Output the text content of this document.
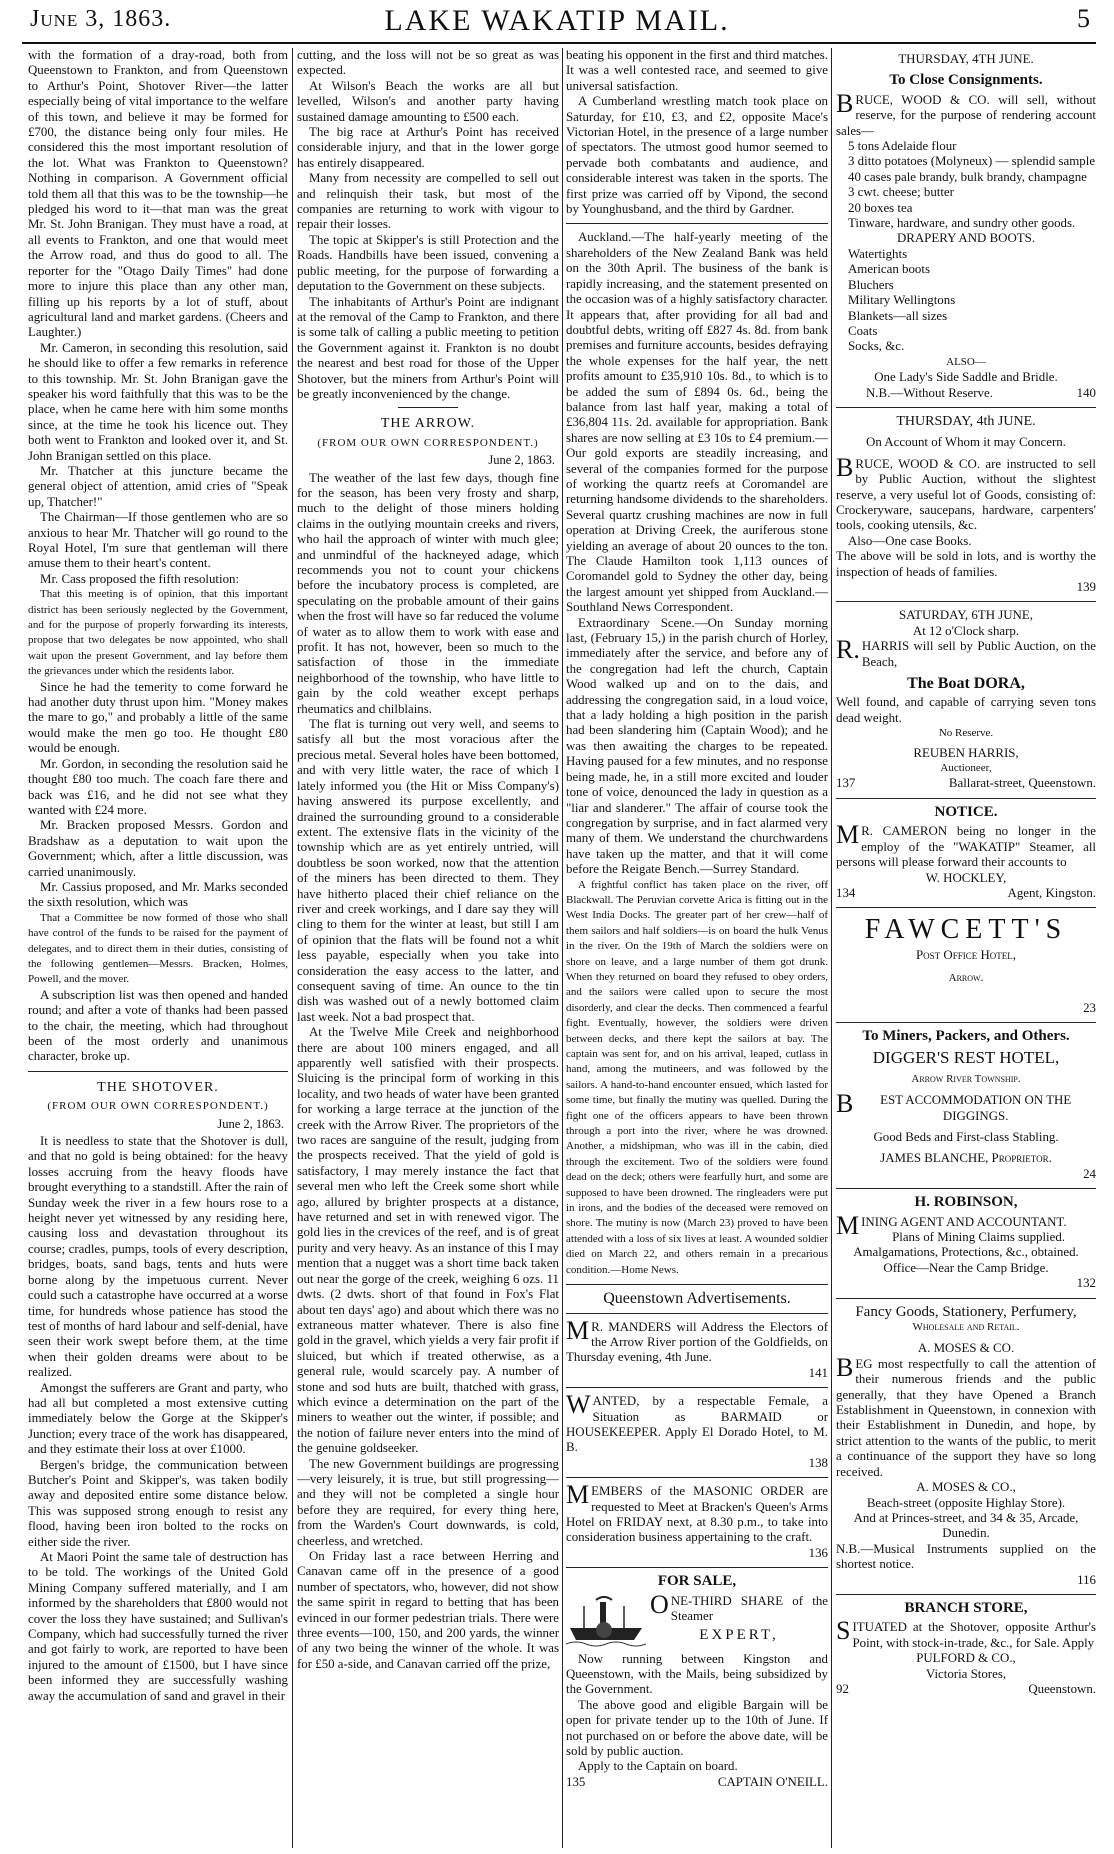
June 3, 1863.	LAKE WAKATIP MAIL.	5

with the formation of a dray-road, both from Queenstown to Frankton, and from Queenstown to Arthur's Point, Shotover River—the latter especially being of vital importance to the welfare of this town, and believe it may be formed for £700, the distance being only four miles. He considered this the most important resolution of the lot. What was Frankton to Queenstown? Nothing in comparison. A Government official told them all that this was to be the township—he pledged his word to it—that man was the great Mr. St. John Branigan. They must have a road, at all events to Frankton, and one that would meet the Arrow road, and thus do good to all. The reporter for the "Otago Daily Times" had done more to injure this place than any other man, filling up his reports by a lot of stuff, about agricultural land and market gardens. (Cheers and Laughter.)

Mr. Cameron, in seconding this resolution, said he should like to offer a few remarks in reference to this township. Mr. St. John Branigan gave the speaker his word faithfully that this was to be the place, when he came here with him some months since, at the time he took his licence out. They both went to Frankton and looked over it, and St. John Branigan settled on this place.

Mr. Thatcher at this juncture became the general object of attention, amid cries of "Speak up, Thatcher!"

The Chairman—If those gentlemen who are so anxious to hear Mr. Thatcher will go round to the Royal Hotel, I'm sure that gentleman will there amuse them to their heart's content.

Mr. Cass proposed the fifth resolution:

That this meeting is of opinion, that this important district has been seriously neglected by the Government, and for the purpose of properly forwarding its interests, propose that two delegates be now appointed, who shall wait upon the present Government, and lay before them the grievances under which the residents labor.

Since he had the temerity to come forward he had another duty thrust upon him. "Money makes the mare to go," and probably a little of the same would make the men go too. He thought £80 would be enough.

Mr. Gordon, in seconding the resolution said he thought £80 too much. The coach fare there and back was £16, and he did not see what they wanted with £24 more.

Mr. Bracken proposed Messrs. Gordon and Bradshaw as a deputation to wait upon the Government; which, after a little discussion, was carried unanimously.

Mr. Cassius proposed, and Mr. Marks seconded the sixth resolution, which was

That a Committee be now formed of those who shall have control of the funds to be raised for the payment of delegates, and to direct them in their duties, consisting of the following gentlemen—Messrs. Bracken, Holmes, Powell, and the mover.

A subscription list was then opened and handed round; and after a vote of thanks had been passed to the chair, the meeting, which had throughout been of the most orderly and unanimous character, broke up.

THE SHOTOVER.
(FROM OUR OWN CORRESPONDENT.)
June 2, 1863.

It is needless to state that the Shotover is dull, and that no gold is being obtained: for the heavy losses accruing from the heavy floods have brought everything to a standstill. After the rain of Sunday week the river in a few hours rose to a height never yet witnessed by any residing here, causing loss and devastation throughout its course; cradles, pumps, tools of every description, bridges, boats, sand bags, tents and huts were borne along by the impetuous current. Never could such a catastrophe have occurred at a worse time, for hundreds whose patience has stood the test of months of hard labour and self-denial, have seen their work swept before them, at the time when their golden dreams were about to be realized.

Amongst the sufferers are Grant and party, who had all but completed a most extensive cutting immediately below the Gorge at the Skipper's Junction; every trace of the work has disappeared, and they estimate their loss at over £1000.

Bergen's bridge, the communication between Butcher's Point and Skipper's, was taken bodily away and deposited entire some distance below. This was supposed strong enough to resist any flood, having been iron bolted to the rocks on either side the river.

At Maori Point the same tale of destruction has to be told. The workings of the United Gold Mining Company suffered materially, and I am informed by the shareholders that £800 would not cover the loss they have sustained; and Sullivan's Company, which had successfully turned the river and got fairly to work, are reported to have been injured to the amount of £1500, but I have since been informed they are successfully washing away the accumulation of sand and gravel in their

cutting, and the loss will not be so great as was expected.

At Wilson's Beach the works are all but levelled, Wilson's and another party having sustained damage amounting to £500 each.

The big race at Arthur's Point has received considerable injury, and that in the lower gorge has entirely disappeared.

Many from necessity are compelled to sell out and relinquish their task, but most of the companies are returning to work with vigour to repair their losses.

The topic at Skipper's is still Protection and the Roads. Handbills have been issued, convening a public meeting, for the purpose of forwarding a deputation to the Government on these subjects.

The inhabitants of Arthur's Point are indignant at the removal of the Camp to Frankton, and there is some talk of calling a public meeting to petition the Government against it. Frankton is no doubt the nearest and best road for those of the Upper Shotover, but the miners from Arthur's Point will be greatly inconvenienced by the change.

THE ARROW.
(FROM OUR OWN CORRESPONDENT.)
June 2, 1863.

The weather of the last few days, though fine for the season, has been very frosty and sharp, much to the delight of those miners holding claims in the outlying mountain creeks and rivers, who hail the approach of winter with much glee; and unmindful of the hackneyed adage, which recommends you not to count your chickens before the incubatory process is completed, are speculating on the probable amount of their gains when the frost will have so far reduced the volume of water as to allow them to work with ease and profit. It has not, however, been so much to the satisfaction of those in the immediate neighborhood of the township, who have little to gain by the cold weather except perhaps rheumatics and chilblains.

The flat is turning out very well, and seems to satisfy all but the most voracious after the precious metal. Several holes have been bottomed, and with very little water, the race of which I lately informed you (the Hit or Miss Company's) having answered its purpose excellently, and drained the surrounding ground to a considerable extent. The extensive flats in the vicinity of the township which are as yet entirely untried, will doubtless be soon worked, now that the attention of the miners has been directed to them. They have hitherto placed their chief reliance on the river and creek workings, and I dare say they will cling to them for the winter at least, but still I am of opinion that the flats will be found not a whit less payable, especially when you take into consideration the easy access to the latter, and consequent saving of time. An ounce to the tin dish was washed out of a newly bottomed claim last week. Not a bad prospect that.

At the Twelve Mile Creek and neighborhood there are about 100 miners engaged, and all apparently well satisfied with their prospects. Sluicing is the principal form of working in this locality, and two heads of water have been granted for working a large terrace at the junction of the creek with the Arrow River. The proprietors of the two races are sanguine of the result, judging from the prospects received. That the yield of gold is satisfactory, I may merely instance the fact that several men who left the Creek some short while ago, allured by brighter prospects at a distance, have returned and set in with renewed vigor. The gold lies in the crevices of the reef, and is of great purity and very heavy. As an instance of this I may mention that a nugget was a short time back taken out near the gorge of the creek, weighing 6 ozs. 11 dwts. (2 dwts. short of that found in Fox's Flat about ten days' ago) and about which there was no extraneous matter whatever. There is also fine gold in the gravel, which yields a very fair profit if sluiced, but which if treated otherwise, as a general rule, would scarcely pay. A number of stone and sod huts are built, thatched with grass, which evince a determination on the part of the miners to weather out the winter, if possible; and the notion of failure never enters into the mind of the genuine goldseeker.

The new Government buildings are progressing—very leisurely, it is true, but still progressing—and they will not be completed a single hour before they are required, for every thing here, from the Warden's Court downwards, is cold, cheerless, and wretched.

On Friday last a race between Herring and Canavan came off in the presence of a good number of spectators, who, however, did not show the same spirit in regard to betting that has been evinced in our former pedestrian trials. There were three events—100, 150, and 200 yards, the winner of any two being the winner of the whole. It was for £50 a-side, and Canavan carried off the prize,

beating his opponent in the first and third matches. It was a well contested race, and seemed to give universal satisfaction.

A Cumberland wrestling match took place on Saturday, for £10, £3, and £2, opposite Mace's Victorian Hotel, in the presence of a large number of spectators. The utmost good humor seemed to pervade both combatants and audience, and considerable interest was taken in the sports. The first prize was carried off by Vipond, the second by Younghusband, and the third by Gardner.

Auckland.—The half-yearly meeting of the shareholders of the New Zealand Bank was held on the 30th April. The business of the bank is rapidly increasing, and the statement presented on the occasion was of a highly satisfactory character. It appears that, after providing for all bad and doubtful debts, writing off £827 4s. 8d. from bank premises and furniture accounts, besides defraying the whole expenses for the half year, the nett profits amount to £35,910 10s. 8d., to which is to be added the sum of £894 0s. 6d., being the balance from last half year, making a total of £36,804 11s. 2d. available for appropriation. Bank shares are now selling at £3 10s to £4 premium.—Our gold exports are steadily increasing, and several of the companies formed for the purpose of working the quartz reefs at Coromandel are returning handsome dividends to the shareholders. Several quartz crushing machines are now in full operation at Driving Creek, the auriferous stone yielding an average of about 20 ounces to the ton. The Claude Hamilton took 1,113 ounces of Coromandel gold to Sydney the other day, being the largest amount yet shipped from Auckland.—Southland News Correspondent.

Extraordinary Scene.—On Sunday morning last, (February 15,) in the parish church of Horley, immediately after the service, and before any of the congregation had left the church, Captain Wood walked up and on to the dais, and addressing the congregation said, in a loud voice, that a lady holding a high position in the parish had been slandering him (Captain Wood); and he was then awaiting the charges to be repeated. Having paused for a few minutes, and no response being made, he, in a still more excited and louder tone of voice, denounced the lady in question as a "liar and slanderer." The affair of course took the congregation by surprise, and in fact alarmed very many of them. We understand the churchwardens have taken up the matter, and that it will come before the Reigate Bench.—Surrey Standard.

A frightful conflict has taken place on the river, off Blackwall. The Peruvian corvette Arica is fitting out in the West India Docks. The greater part of her crew—half of them sailors and half soldiers—is on board the hulk Venus in the river. On the 19th of March the soldiers were on shore on leave, and a large number of them got drunk. When they returned on board they refused to obey orders, and the sailors were called upon to secure the most disorderly, and clear the decks. Then commenced a fearful fight. Eventually, however, the soldiers were driven between decks, and there kept the sailors at bay. The captain was sent for, and on his arrival, leaped, cutlass in hand, among the mutineers, and was followed by the sailors. A hand-to-hand encounter ensued, which lasted for some time, but finally the mutiny was quelled. During the fight one of the officers appears to have been thrown through a port into the river, where he was drowned. Another, a midshipman, who was ill in the cabin, died through the excitement. Two of the soldiers were found dead on the deck; others were fearfully hurt, and some are supposed to have been drowned. The ringleaders were put in irons, and the bodies of the deceased were removed on shore. The mutiny is now (March 23) proved to have been attended with a loss of six lives at least. A wounded soldier died on March 22, and others remain in a precarious condition.—Home News.

Queenstown Advertisements.
MR. MANDERS will Address the Electors of the Arrow River portion of the Goldfields, on Thursday evening, 4th June.
141
WANTED, by a respectable Female, a Situation as BARMAID or HOUSEKEEPER. Apply El Dorado Hotel, to M. B.
138
MEMBERS of the MASONIC ORDER are requested to Meet at Bracken's Queen's Arms Hotel on FRIDAY next, at 8.30 p.m., to take into consideration business appertaining to the craft.
136
FOR SALE,
ONE-THIRD SHARE of the Steamer
EXPERT,

Now running between Kingston and Queenstown, with the Mails, being subsidized by the Government.

The above good and eligible Bargain will be open for private tender up to the 10th of June. If not purchased on or before the above date, will be sold by public auction.

Apply to the Captain on board.

135	CAPTAIN O'NEILL.
THURSDAY, 4TH JUNE.
To Close Consignments.
BRUCE, WOOD & CO. will sell, without reserve, for the purpose of rendering account sales—
5 tons Adelaide flour
3 ditto potatoes (Molyneux) — splendid sample
40 cases pale brandy, bulk brandy, champagne
3 cwt. cheese; butter
20 boxes tea
Tinware, hardware, and sundry other goods.
DRAPERY AND BOOTS.
Watertights
American boots
Bluchers
Military Wellingtons
Blankets—all sizes
Coats
Socks, &c.
ALSO—
One Lady's Side Saddle and Bridle.
N.B.—Without Reserve.	140
THURSDAY, 4th JUNE.
On Account of Whom it may Concern.
BRUCE, WOOD & CO. are instructed to sell by Public Auction, without the slightest reserve, a very useful lot of Goods, consisting of: Crockeryware, saucepans, hardware, carpenters' tools, cooking utensils, &c.
Also—One case Books.
The above will be sold in lots, and is worthy the inspection of heads of families.
139
SATURDAY, 6TH JUNE,
At 12 o'Clock sharp.
R.HARRIS will sell by Public Auction, on the Beach,
The Boat DORA,
Well found, and capable of carrying seven tons dead weight.
No Reserve.
REUBEN HARRIS,
Auctioneer,
137	Ballarat-street, Queenstown.
NOTICE.
MR. CAMERON being no longer in the employ of the "WAKATIP" Steamer, all persons will please forward their accounts to
W. HOCKLEY,
134	Agent, Kingston.
FAWCETT'S
Post Office Hotel,
Arrow.
23
To Miners, Packers, and Others.
DIGGER'S REST HOTEL,
Arrow River Township.
BEST ACCOMMODATION ON THE DIGGINGS.
Good Beds and First-class Stabling.
JAMES BLANCHE, Proprietor.
24
H. ROBINSON,
MINING AGENT AND ACCOUNTANT.
Plans of Mining Claims supplied. Amalgamations, Protections, &c., obtained. Office—Near the Camp Bridge.
132
Fancy Goods, Stationery, Perfumery,
Wholesale and Retail.
A. MOSES & CO.
BEG most respectfully to call the attention of their numerous friends and the public generally, that they have Opened a Branch Establishment in Queenstown, in connexion with their Establishment in Dunedin, and hope, by strict attention to the wants of the public, to merit a continuance of the support they have so long received.
A. MOSES & CO.,
Beach-street (opposite Highlay Store).
And at Princes-street, and 34 & 35, Arcade, Dunedin.
N.B.—Musical Instruments supplied on the shortest notice.
116
BRANCH STORE,
SITUATED at the Shotover, opposite Arthur's Point, with stock-in-trade, &c., for Sale. Apply
PULFORD & CO.,
Victoria Stores,
92	Queenstown.
